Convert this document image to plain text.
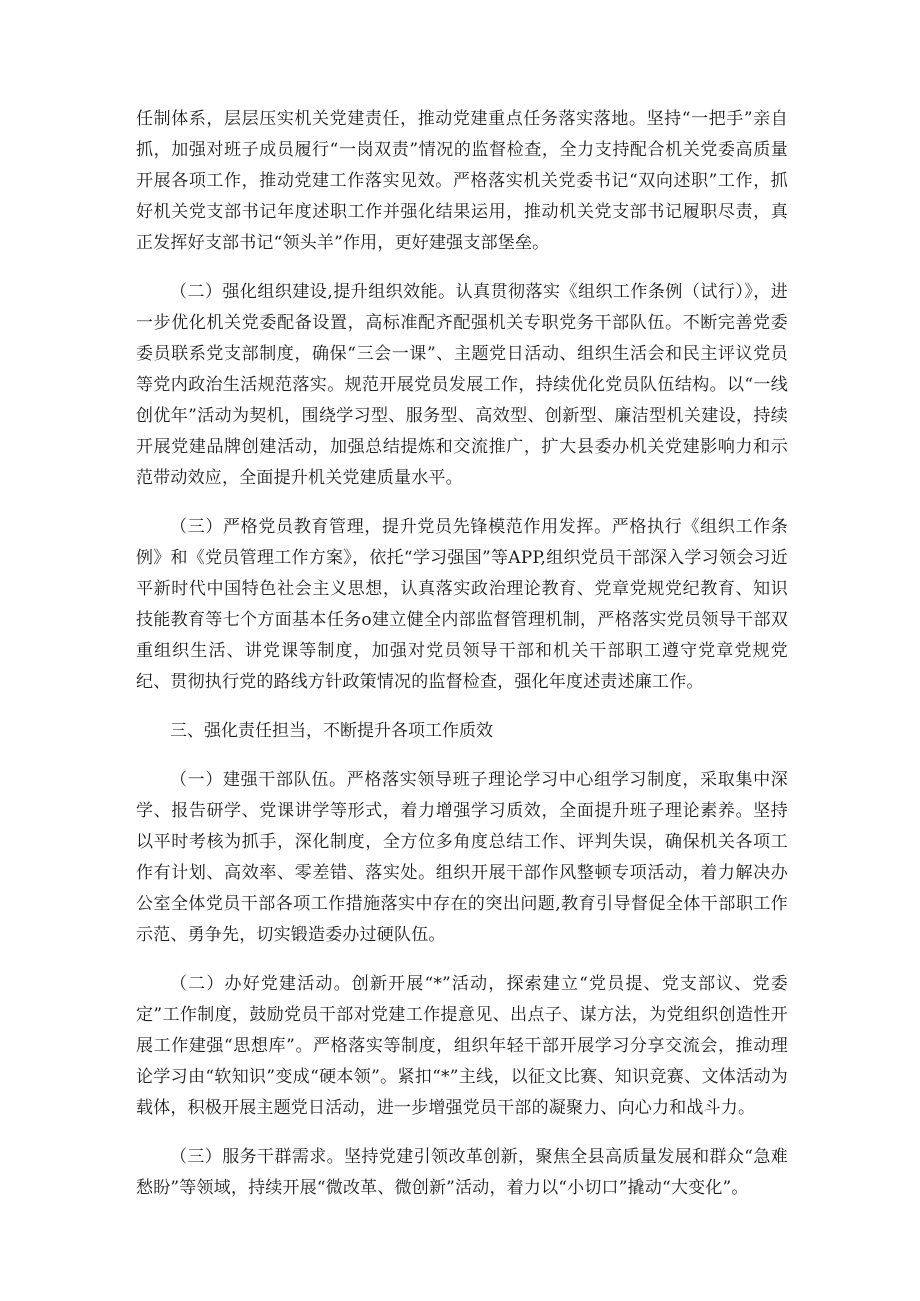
任制体系，层层压实机关党建责任，推动党建重点任务落实落地。坚持“一把手”亲自抓，加强对班子成员履行“一岗双责”情况的监督检查，全力支持配合机关党委高质量开展各项工作，推动党建工作落实见效。严格落实机关党委书记“双向述职”工作，抓好机关党支部书记年度述职工作并强化结果运用，推动机关党支部书记履职尽责，真正发挥好支部书记“领头羊”作用，更好建强支部堡垒。

（二）强化组织建设,提升组织效能。认真贯彻落实《组织工作条例（试行）》，进一步优化机关党委配备设置，高标准配齐配强机关专职党务干部队伍。不断完善党委委员联系党支部制度，确保“三会一课”、主题党日活动、组织生活会和民主评议党员等党内政治生活规范落实。规范开展党员发展工作，持续优化党员队伍结构。以“一线创优年”活动为契机，围绕学习型、服务型、高效型、创新型、廉洁型机关建设，持续开展党建品牌创建活动，加强总结提炼和交流推广，扩大县委办机关党建影响力和示范带动效应，全面提升机关党建质量水平。

（三）严格党员教育管理，提升党员先锋模范作用发挥。严格执行《组织工作条例》和《党员管理工作方案》，依托“学习强国”等APP,组织党员干部深入学习领会习近平新时代中国特色社会主义思想，认真落实政治理论教育、党章党规党纪教育、知识技能教育等七个方面基本任务o建立健全内部监督管理机制，严格落实党员领导干部双重组织生活、讲党课等制度，加强对党员领导干部和机关干部职工遵守党章党规党纪、贯彻执行党的路线方针政策情况的监督检查，强化年度述责述廉工作。

三、强化责任担当，不断提升各项工作质效

（一）建强干部队伍。严格落实领导班子理论学习中心组学习制度，采取集中深学、报告研学、党课讲学等形式，着力增强学习质效，全面提升班子理论素养。坚持以平时考核为抓手，深化制度，全方位多角度总结工作、评判失误，确保机关各项工作有计划、高效率、零差错、落实处。组织开展干部作风整顿专项活动，着力解决办公室全体党员干部各项工作措施落实中存在的突出问题,教育引导督促全体干部职工作示范、勇争先，切实锻造委办过硬队伍。

（二）办好党建活动。创新开展“*”活动，探索建立“党员提、党支部议、党委定”工作制度，鼓励党员干部对党建工作提意见、出点子、谋方法，为党组织创造性开展工作建强“思想库”。严格落实等制度，组织年轻干部开展学习分享交流会，推动理论学习由“软知识”变成“硬本领”。紧扣“*”主线，以征文比赛、知识竞赛、文体活动为载体，积极开展主题党日活动，进一步增强党员干部的凝聚力、向心力和战斗力。

（三）服务干群需求。坚持党建引领改革创新，聚焦全县高质量发展和群众“急难愁盼”等领域，持续开展“微改革、微创新”活动，着力以“小切口”撬动“大变化”。
